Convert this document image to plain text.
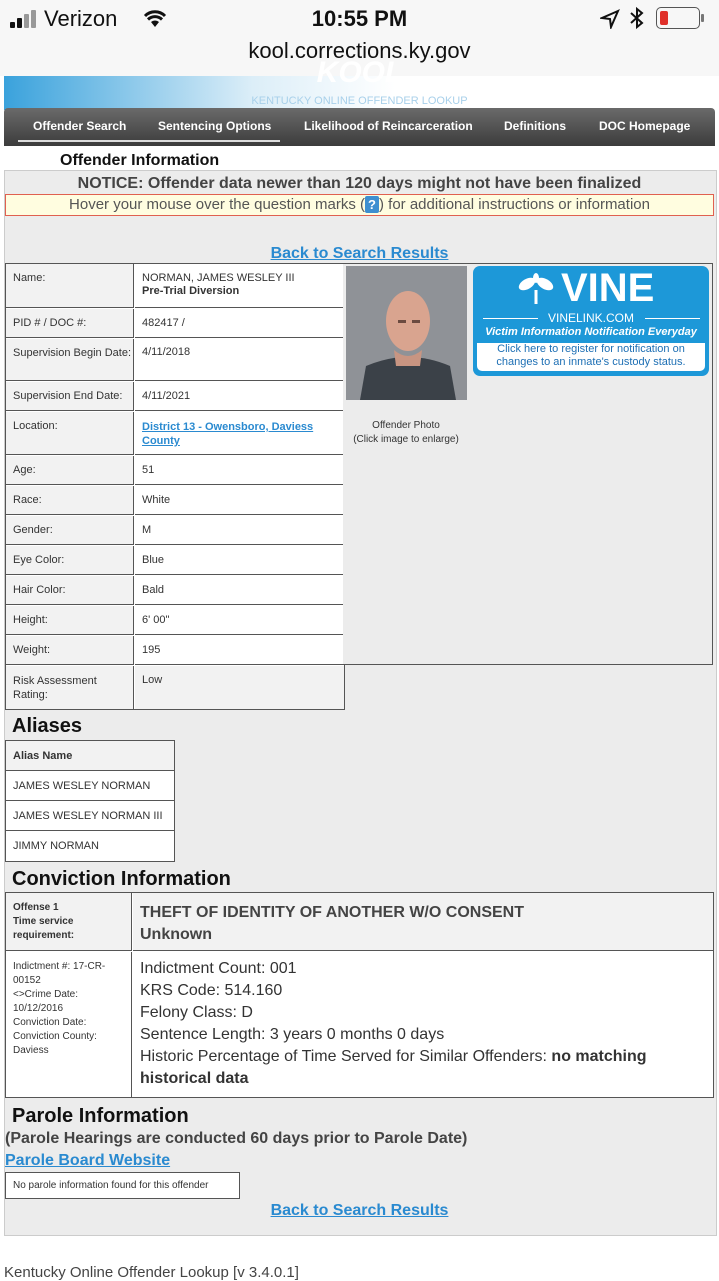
Verizon	10:55 PM
kool.corrections.ky.gov
KOOL
KENTUCKY ONLINE OFFENDER LOOKUP
Offender Search	Sentencing Options	Likelihood of Reincarceration	Definitions	DOC Homepage
Offender Information
NOTICE: Offender data newer than 120 days might not have been finalized
Hover your mouse over the question marks ( ? ) for additional instructions or information
Back to Search Results
Name:	NORMAN, JAMES WESLEY III
Pre-Trial Diversion
PID # / DOC #:	482417 /
Supervision Begin Date: 4/11/2018
Supervision End Date:	4/11/2021
Location:	District 13 - Owensboro, Daviess County
Age:	51
Race:	White
Gender:	M
Eye Color:	Blue
Hair Color:	Bald
Height:	6' 00"
Weight:	195
Risk Assessment Rating:
Low
Offender Photo
(Click image to enlarge)
VINE
VINELINK.COM
Victim Information Notification Everyday
Click here to register for notification on changes to an inmate's custody status.
Aliases
Alias Name
JAMES WESLEY NORMAN
JAMES WESLEY NORMAN III
JIMMY NORMAN
Conviction Information
Offense 1
Time service requirement:
THEFT OF IDENTITY OF ANOTHER W/O CONSENT
Unknown
Indictment #: 17-CR-00152
<>Crime Date: 10/12/2016
Conviction Date:
Conviction County: Daviess
Indictment Count: 001
KRS Code: 514.160
Felony Class: D
Sentence Length: 3 years 0 months 0 days
Historic Percentage of Time Served for Similar Offenders: no matching historical data
Parole Information
(Parole Hearings are conducted 60 days prior to Parole Date)
Parole Board Website
No parole information found for this offender
Back to Search Results
Kentucky Online Offender Lookup [v 3.4.0.1]
